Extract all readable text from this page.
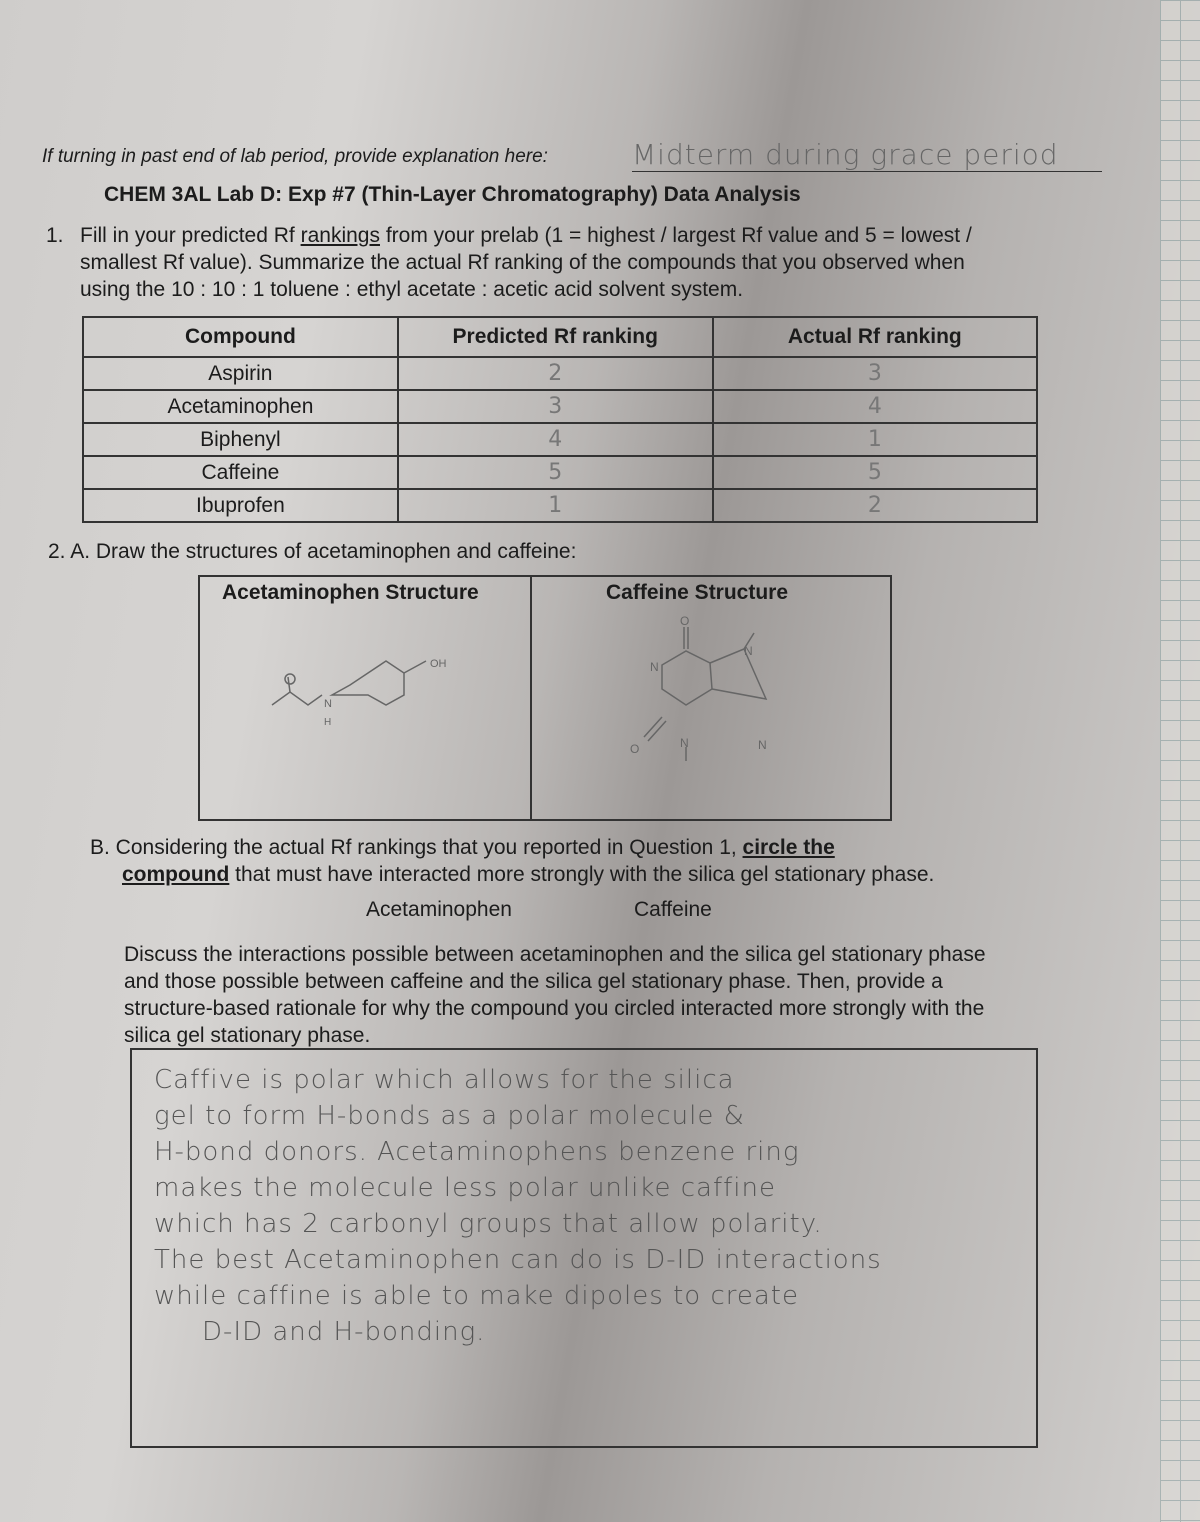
If turning in past end of lab period, provide explanation here:	Midterm during grace period
CHEM 3AL Lab D: Exp #7 (Thin-Layer Chromatography) Data Analysis
1. Fill in your predicted Rf rankings from your prelab (1 = highest / largest Rf value and 5 = lowest / smallest Rf value). Summarize the actual Rf ranking of the compounds that you observed when using the 10 : 10 : 1 toluene : ethyl acetate : acetic acid solvent system.
Compound	Predicted Rf ranking	Actual Rf ranking
Aspirin	2	3
Acetaminophen	3	4
Biphenyl	4	1
Caffeine	5	5
Ibuprofen	1	2
2. A. Draw the structures of acetaminophen and caffeine:
Acetaminophen Structure
N
H
OH
Caffeine Structure
O
N
N
O	N	N
B. Considering the actual Rf rankings that you reported in Question 1, circle the
compound that must have interacted more strongly with the silica gel stationary phase.
Acetaminophen	Caffeine
Discuss the interactions possible between acetaminophen and the silica gel stationary phase and those possible between caffeine and the silica gel stationary phase. Then, provide a structure-based rationale for why the compound you circled interacted more strongly with the silica gel stationary phase.
Caffive is polar which allows for the silica
gel to form H-bonds as a polar molecule &
H-bond donors. Acetaminophens benzene ring
makes the molecule less polar unlike caffine
which has 2 carbonyl groups that allow polarity.
The best Acetaminophen can do is D-ID interactions
while caffine is able to make dipoles to create
D-ID and H-bonding.
